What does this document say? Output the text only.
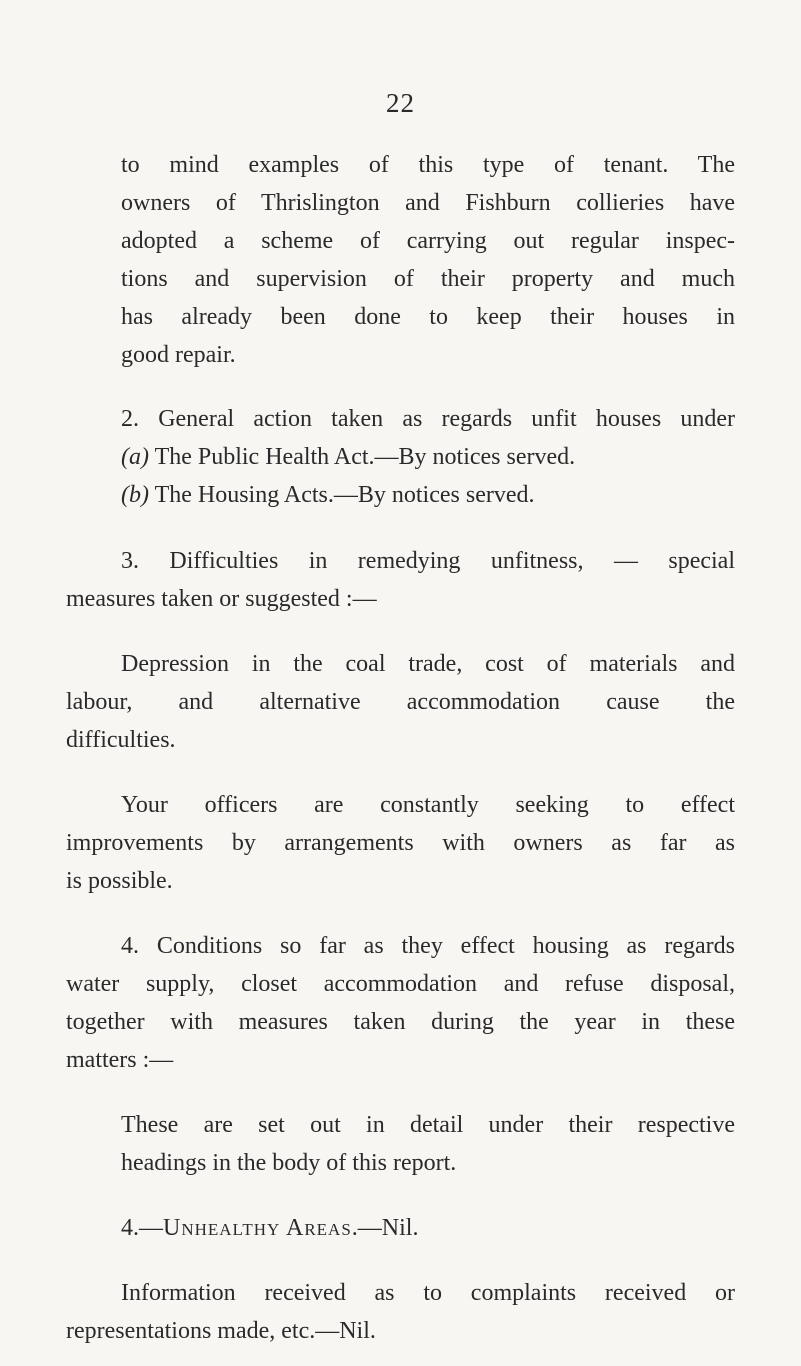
22

to mind examples of this type of tenant. The

owners of Thrislington and Fishburn collieries have

adopted a scheme of carrying out regular inspec-

tions and supervision of their property and much

has already been done to keep their houses in

good repair.

2. General action taken as regards unfit houses under

(a) The Public Health Act.—By notices served.

(b) The Housing Acts.—By notices served.

3. Difficulties in remedying unfitness, — special

measures taken or suggested :—

Depression in the coal trade, cost of materials and

labour, and alternative accommodation cause the

difficulties.

Your officers are constantly seeking to effect

improvements by arrangements with owners as far as

is possible.

4. Conditions so far as they effect housing as regards

water supply, closet accommodation and refuse disposal,

together with measures taken during the year in these

matters :—

These are set out in detail under their respective

headings in the body of this report.

4.—Unhealthy Areas.—Nil.

Information received as to complaints received or

representations made, etc.—Nil.
